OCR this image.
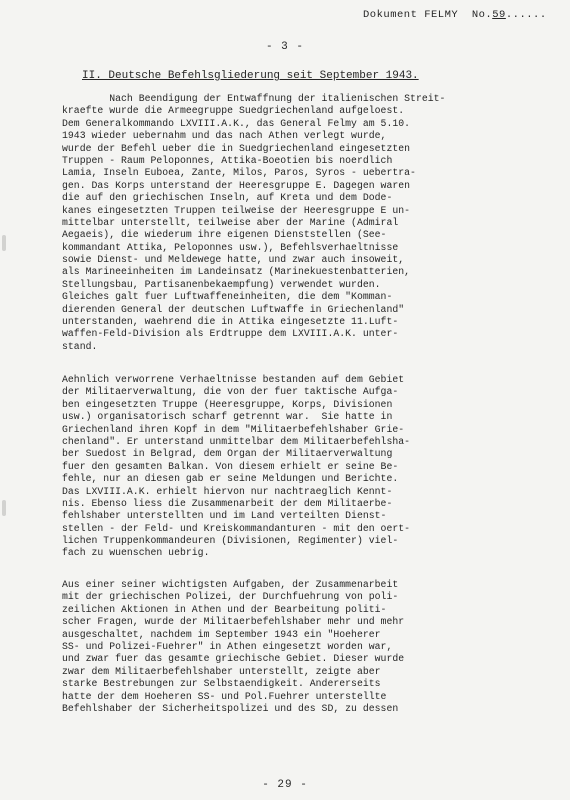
Dokument FELMY  No.59......
- 3 -
II. Deutsche Befehlsgliederung seit September 1943.
Nach Beendigung der Entwaffnung der italienischen Streit-
kraefte wurde die Armeegruppe Suedgriechenland aufgeloest.
Dem Generalkommando LXVIII.A.K., das General Felmy am 5.10.
1943 wieder uebernahm und das nach Athen verlegt wurde,
wurde der Befehl ueber die in Suedgriechenland eingesetzten
Truppen - Raum Peloponnes, Attika-Boeotien bis noerdlich
Lamia, Inseln Euboea, Zante, Milos, Paros, Syros - uebertra-
gen. Das Korps unterstand der Heeresgruppe E. Dagegen waren
die auf den griechischen Inseln, auf Kreta und dem Dode-
kanes eingesetzten Truppen teilweise der Heeresgruppe E un-
mittelbar unterstellt, teilweise aber der Marine (Admiral
Aegaeis), die wiederum ihre eigenen Dienststellen (See-
kommandant Attika, Peloponnes usw.), Befehlsverhaeltnisse
sowie Dienst- und Meldewege hatte, und zwar auch insoweit,
als Marineeinheiten im Landeinsatz (Marinekuestenbatterien,
Stellungsbau, Partisanenbekaempfung) verwendet wurden.
Gleiches galt fuer Luftwaffeneinheiten, die dem "Komman-
dierenden General der deutschen Luftwaffe in Griechenland"
unterstanden, waehrend die in Attika eingesetzte 11.Luft-
waffen-Feld-Division als Erdtruppe dem LXVIII.A.K. unter-
stand.
Aehnlich verworrene Verhaeltnisse bestanden auf dem Gebiet
der Militaerverwaltung, die von der fuer taktische Aufga-
ben eingesetzten Truppe (Heeresgruppe, Korps, Divisionen
usw.) organisatorisch scharf getrennt war.  Sie hatte in
Griechenland ihren Kopf in dem "Militaerbefehlshaber Grie-
chenland". Er unterstand unmittelbar dem Militaerbefehlsha-
ber Suedost in Belgrad, dem Organ der Militaerverwaltung
fuer den gesamten Balkan. Von diesem erhielt er seine Be-
fehle, nur an diesen gab er seine Meldungen und Berichte.
Das LXVIII.A.K. erhielt hiervon nur nachtraeglich Kennt-
nis. Ebenso liess die Zusammenarbeit der dem Militaerbe-
fehlshaber unterstellten und im Land verteilten Dienst-
stellen - der Feld- und Kreiskommandanturen - mit den oert-
lichen Truppenkommandeuren (Divisionen, Regimenter) viel-
fach zu wuenschen uebrig.
Aus einer seiner wichtigsten Aufgaben, der Zusammenarbeit
mit der griechischen Polizei, der Durchfuehrung von poli-
zeilichen Aktionen in Athen und der Bearbeitung politi-
scher Fragen, wurde der Militaerbefehlshaber mehr und mehr
ausgeschaltet, nachdem im September 1943 ein "Hoeherer
SS- und Polizei-Fuehrer" in Athen eingesetzt worden war,
und zwar fuer das gesamte griechische Gebiet. Dieser wurde
zwar dem Militaerbefehlshaber unterstellt, zeigte aber
starke Bestrebungen zur Selbstaendigkeit. Andererseits
hatte der dem Hoeheren SS- und Pol.Fuehrer unterstellte
Befehlshaber der Sicherheitspolizei und des SD, zu dessen
- 29 -
